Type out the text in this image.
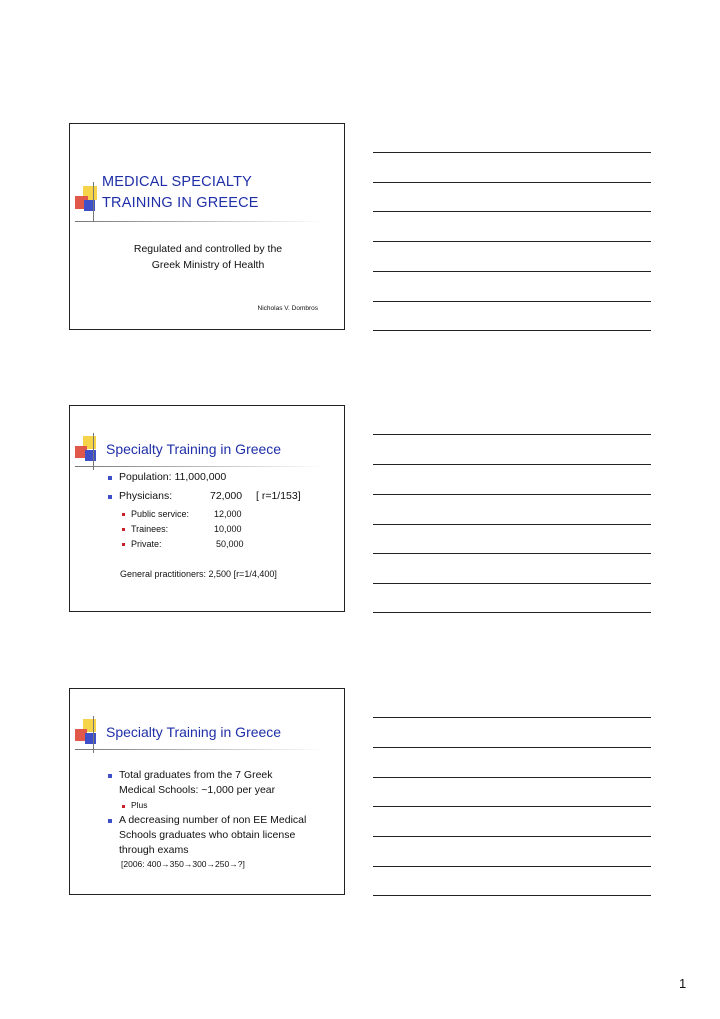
MEDICAL SPECIALTY
TRAINING IN GREECE
Regulated and controlled by the
Greek Ministry of Health
Nicholas V. Dombros
Specialty Training in Greece
Population: 11,000,000
Physicians:	72,000 [ r=1/153]
Public service:	12,000
Trainees:	10,000
Private:	50,000
General practitioners: 2,500 [r=1/4,400]
Specialty Training in Greece
Total graduates from the 7 Greek
Medical Schools: ~1,000 per year
Plus
A decreasing number of non EE Medical
Schools graduates who obtain license
through exams
[2006: 400→350→300→250→?]
1
